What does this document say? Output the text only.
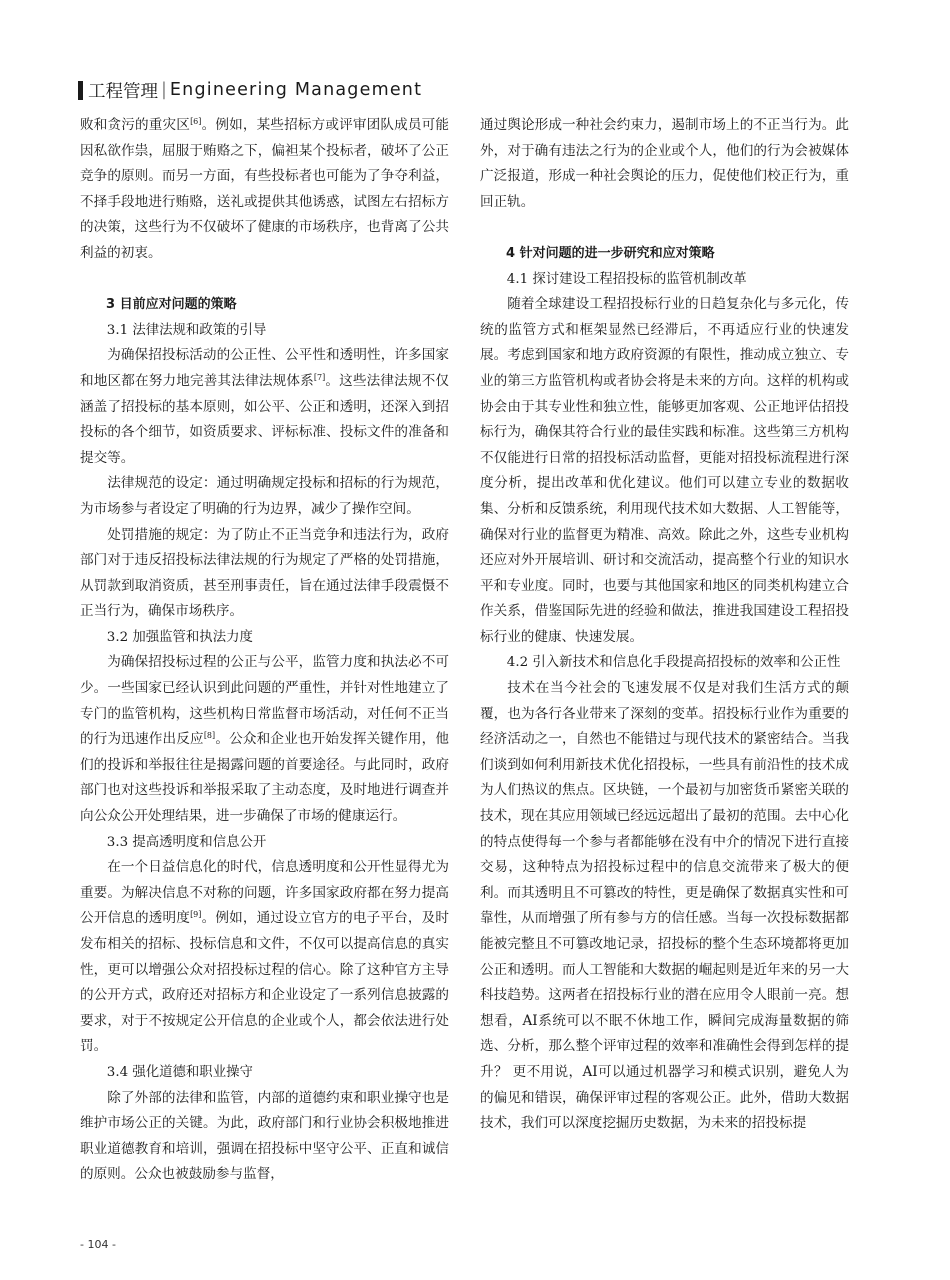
工程管理 | Engineering Management

败和贪污的重灾区[6]。例如，某些招标方或评审团队成员可能因私欲作祟，屈服于贿赂之下，偏袒某个投标者，破坏了公正竞争的原则。而另一方面，有些投标者也可能为了争夺利益，不择手段地进行贿赂，送礼或提供其他诱惑，试图左右招标方的决策，这些行为不仅破坏了健康的市场秩序，也背离了公共利益的初衷。

3 目前应对问题的策略
3.1 法律法规和政策的引导

为确保招投标活动的公正性、公平性和透明性，许多国家和地区都在努力地完善其法律法规体系[7]。这些法律法规不仅涵盖了招投标的基本原则，如公平、公正和透明，还深入到招投标的各个细节，如资质要求、评标标准、投标文件的准备和提交等。

法律规范的设定：通过明确规定投标和招标的行为规范，为市场参与者设定了明确的行为边界，减少了操作空间。

处罚措施的规定：为了防止不正当竞争和违法行为，政府部门对于违反招投标法律法规的行为规定了严格的处罚措施，从罚款到取消资质，甚至刑事责任，旨在通过法律手段震慑不正当行为，确保市场秩序。

3.2 加强监管和执法力度

为确保招投标过程的公正与公平，监管力度和执法必不可少。一些国家已经认识到此问题的严重性，并针对性地建立了专门的监管机构，这些机构日常监督市场活动，对任何不正当的行为迅速作出反应[8]。公众和企业也开始发挥关键作用，他们的投诉和举报往往是揭露问题的首要途径。与此同时，政府部门也对这些投诉和举报采取了主动态度，及时地进行调查并向公众公开处理结果，进一步确保了市场的健康运行。

3.3 提高透明度和信息公开

在一个日益信息化的时代，信息透明度和公开性显得尤为重要。为解决信息不对称的问题，许多国家政府都在努力提高公开信息的透明度[9]。例如，通过设立官方的电子平台，及时发布相关的招标、投标信息和文件，不仅可以提高信息的真实性，更可以增强公众对招投标过程的信心。除了这种官方主导的公开方式，政府还对招标方和企业设定了一系列信息披露的要求，对于不按规定公开信息的企业或个人，都会依法进行处罚。

3.4 强化道德和职业操守

除了外部的法律和监管，内部的道德约束和职业操守也是维护市场公正的关键。为此，政府部门和行业协会积极地推进职业道德教育和培训，强调在招投标中坚守公平、正直和诚信的原则。公众也被鼓励参与监督，

通过舆论形成一种社会约束力，遏制市场上的不正当行为。此外，对于确有违法之行为的企业或个人，他们的行为会被媒体广泛报道，形成一种社会舆论的压力，促使他们校正行为，重回正轨。

4 针对问题的进一步研究和应对策略
4.1 探讨建设工程招投标的监管机制改革

随着全球建设工程招投标行业的日趋复杂化与多元化，传统的监管方式和框架显然已经滞后，不再适应行业的快速发展。考虑到国家和地方政府资源的有限性，推动成立独立、专业的第三方监管机构或者协会将是未来的方向。这样的机构或协会由于其专业性和独立性，能够更加客观、公正地评估招投标行为，确保其符合行业的最佳实践和标准。这些第三方机构不仅能进行日常的招投标活动监督，更能对招投标流程进行深度分析，提出改革和优化建议。他们可以建立专业的数据收集、分析和反馈系统，利用现代技术如大数据、人工智能等，确保对行业的监督更为精准、高效。除此之外，这些专业机构还应对外开展培训、研讨和交流活动，提高整个行业的知识水平和专业度。同时，也要与其他国家和地区的同类机构建立合作关系，借鉴国际先进的经验和做法，推进我国建设工程招投标行业的健康、快速发展。

4.2 引入新技术和信息化手段提高招投标的效率和公正性

技术在当今社会的飞速发展不仅是对我们生活方式的颠覆，也为各行各业带来了深刻的变革。招投标行业作为重要的经济活动之一，自然也不能错过与现代技术的紧密结合。当我们谈到如何利用新技术优化招投标，一些具有前沿性的技术成为人们热议的焦点。区块链，一个最初与加密货币紧密关联的技术，现在其应用领域已经远远超出了最初的范围。去中心化的特点使得每一个参与者都能够在没有中介的情况下进行直接交易，这种特点为招投标过程中的信息交流带来了极大的便利。而其透明且不可篡改的特性，更是确保了数据真实性和可靠性，从而增强了所有参与方的信任感。当每一次投标数据都能被完整且不可篡改地记录，招投标的整个生态环境都将更加公正和透明。而人工智能和大数据的崛起则是近年来的另一大科技趋势。这两者在招投标行业的潜在应用令人眼前一亮。想想看，AI系统可以不眠不休地工作，瞬间完成海量数据的筛选、分析，那么整个评审过程的效率和准确性会得到怎样的提升？ 更不用说，AI可以通过机器学习和模式识别，避免人为的偏见和错误，确保评审过程的客观公正。此外，借助大数据技术，我们可以深度挖掘历史数据，为未来的招投标提

- 104 -
